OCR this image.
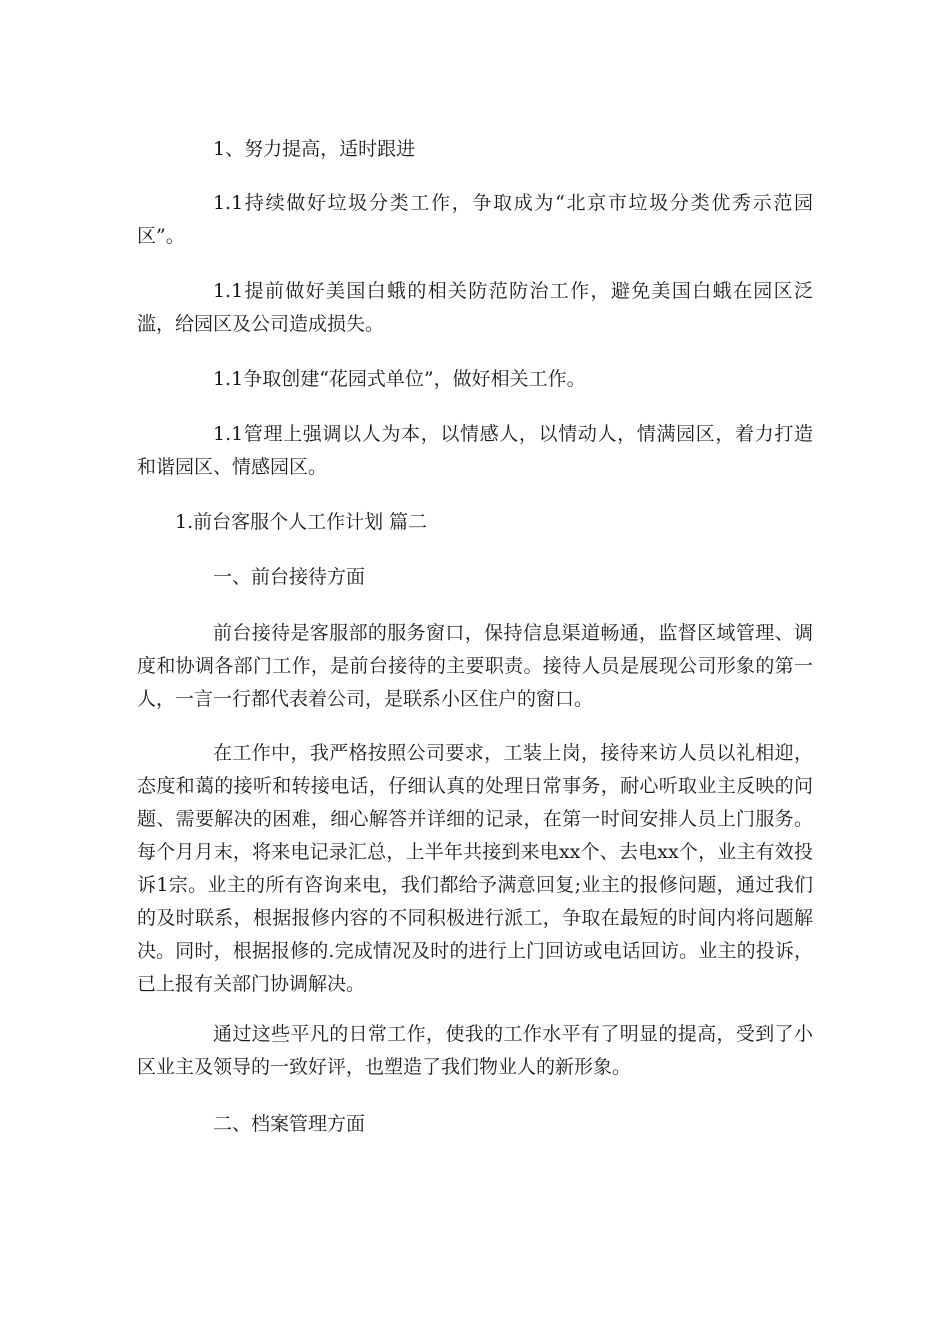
1、努力提高，适时跟进

1.1持续做好垃圾分类工作，争取成为“北京市垃圾分类优秀示范园区”。

1.1提前做好美国白蛾的相关防范防治工作，避免美国白蛾在园区泛滥，给园区及公司造成损失。

1.1争取创建“花园式单位”，做好相关工作。

1.1管理上强调以人为本，以情感人，以情动人，情满园区，着力打造和谐园区、情感园区。

1.前台客服个人工作计划 篇二

一、前台接待方面

前台接待是客服部的服务窗口，保持信息渠道畅通，监督区域管理、调度和协调各部门工作，是前台接待的主要职责。接待人员是展现公司形象的第一人，一言一行都代表着公司，是联系小区住户的窗口。

在工作中，我严格按照公司要求，工装上岗，接待来访人员以礼相迎，态度和蔼的接听和转接电话，仔细认真的处理日常事务，耐心听取业主反映的问题、需要解决的困难，细心解答并详细的记录，在第一时间安排人员上门服务。每个月月末，将来电记录汇总，上半年共接到来电xx个、去电xx个，业主有效投诉1宗。业主的所有咨询来电，我们都给予满意回复;业主的报修问题，通过我们的及时联系，根据报修内容的不同积极进行派工，争取在最短的时间内将问题解决。同时，根据报修的.完成情况及时的进行上门回访或电话回访。业主的投诉，已上报有关部门协调解决。

通过这些平凡的日常工作，使我的工作水平有了明显的提高，受到了小区业主及领导的一致好评，也塑造了我们物业人的新形象。

二、档案管理方面
